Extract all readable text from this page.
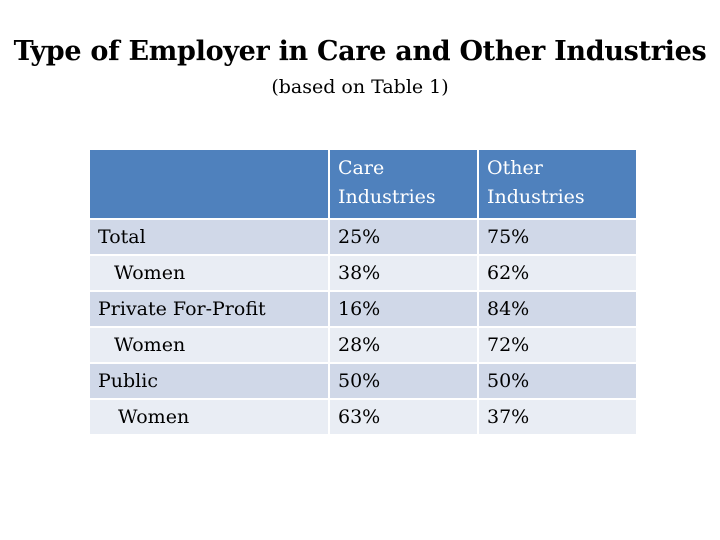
Type of Employer in Care and Other Industries
(based on Table 1)
	Care Industries	Other Industries
Total	25%	75%
Women	38%	62%
Private For-Profit	16%	84%
Women	28%	72%
Public	50%	50%
Women	63%	37%
